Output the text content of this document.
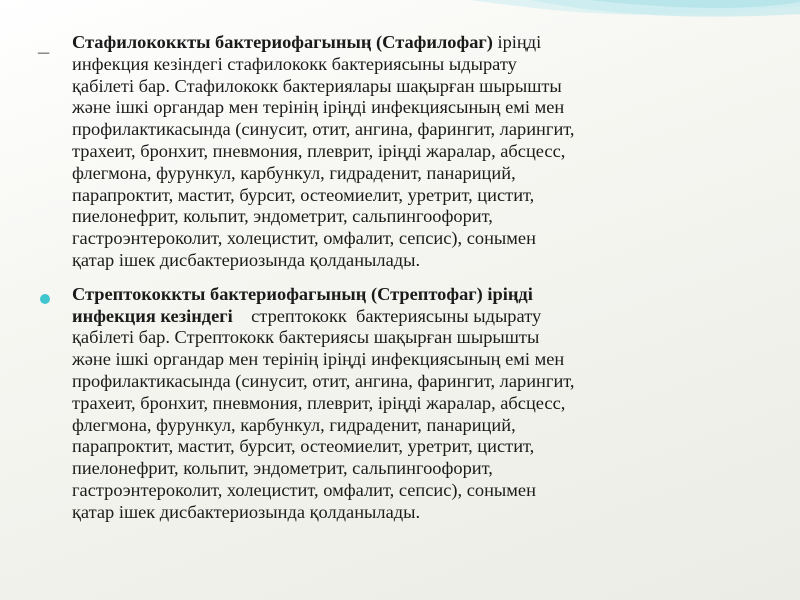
_ Стафилококкты бактериофагының (Стафилофаг) іріңді
инфекция кезіндегі стафилококк бактериясыны ыдырату
қабілеті бар. Стафилококк бактериялары шақырған шырышты
және ішкі органдар мен терінің іріңді инфекциясының емі мен
профилактикасында (синусит, отит, ангина, фарингит, ларингит,
трахеит, бронхит, пневмония, плеврит, іріңді жаралар, абсцесс,
флегмона, фурункул, карбункул, гидраденит, панариций,
парапроктит, мастит, бурсит, остеомиелит, уретрит, цистит,
пиелонефрит, кольпит, эндометрит, сальпингоофорит,
гастроэнтероколит, холецистит, омфалит, сепсис), сонымен
қатар ішек дисбактериозында қолданылады.

Стрептококкты бактериофагының (Стрептофаг) іріңді
инфекция кезіндегі    стрептококк  бактериясыны ыдырату
қабілеті бар. Стрептококк бактериясы шақырған шырышты
және ішкі органдар мен терінің іріңді инфекциясының емі мен
профилактикасында (синусит, отит, ангина, фарингит, ларингит,
трахеит, бронхит, пневмония, плеврит, іріңді жаралар, абсцесс,
флегмона, фурункул, карбункул, гидраденит, панариций,
парапроктит, мастит, бурсит, остеомиелит, уретрит, цистит,
пиелонефрит, кольпит, эндометрит, сальпингоофорит,
гастроэнтероколит, холецистит, омфалит, сепсис), сонымен
қатар ішек дисбактериозында қолданылады.
